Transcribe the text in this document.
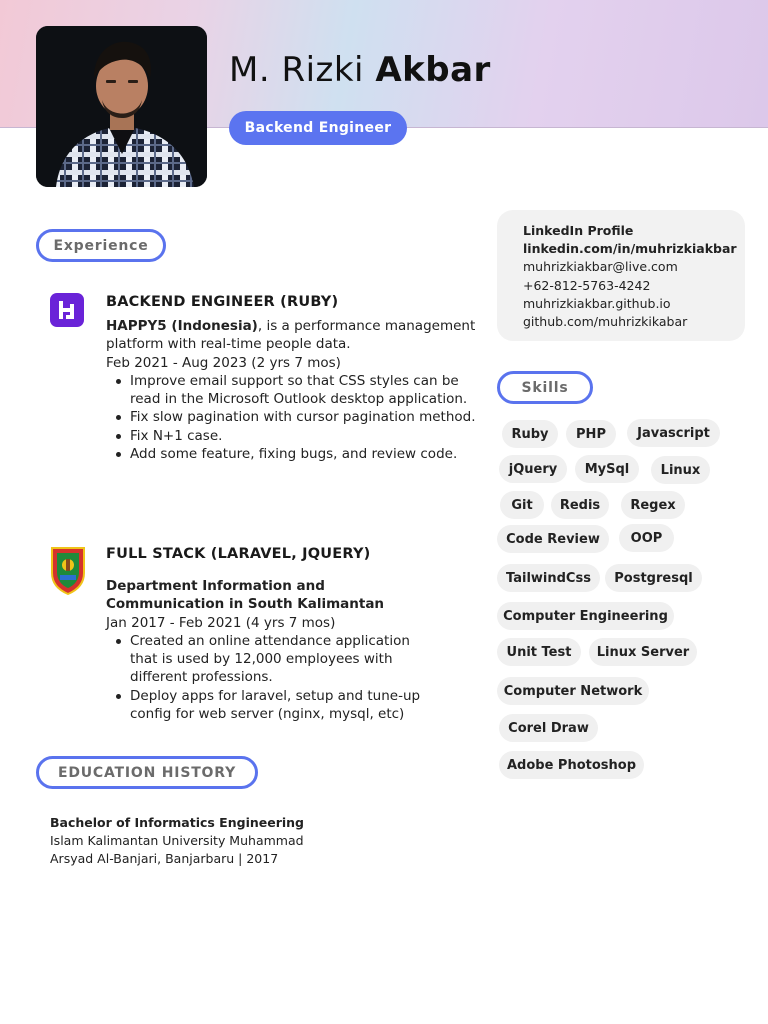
M. Rizki Akbar
Backend Engineer
Experience
BACKEND ENGINEER (RUBY)
HAPPY5 (Indonesia), is a performance management platform with real-time people data.
Feb 2021 - Aug 2023 (2 yrs 7 mos)
Improve email support so that CSS styles can be read in the Microsoft Outlook desktop application.
Fix slow pagination with cursor pagination method.
Fix N+1 case.
Add some feature, fixing bugs, and review code.
FULL STACK (LARAVEL, JQUERY)
Department Information and Communication in South Kalimantan
Jan 2017 - Feb 2021 (4 yrs 7 mos)
Created an online attendance application that is used by 12,000 employees with different professions.
Deploy apps for laravel, setup and tune-up config for web server (nginx, mysql, etc)
EDUCATION HISTORY
Bachelor of Informatics Engineering
Islam Kalimantan University Muhammad
Arsyad Al-Banjari, Banjarbaru | 2017
LinkedIn Profile
linkedin.com/in/muhrizkiakbar
muhrizkiakbar@live.com
+62-812-5763-4242
muhrizkiakbar.github.io
github.com/muhrizkikabar
Skills
Ruby	PHP	Javascript
jQuery	MySql	Linux
Git	Redis	Regex
Code Review	OOP
TailwindCss	Postgresql
Computer Engineering
Unit Test	Linux Server
Computer Network
Corel Draw
Adobe Photoshop
